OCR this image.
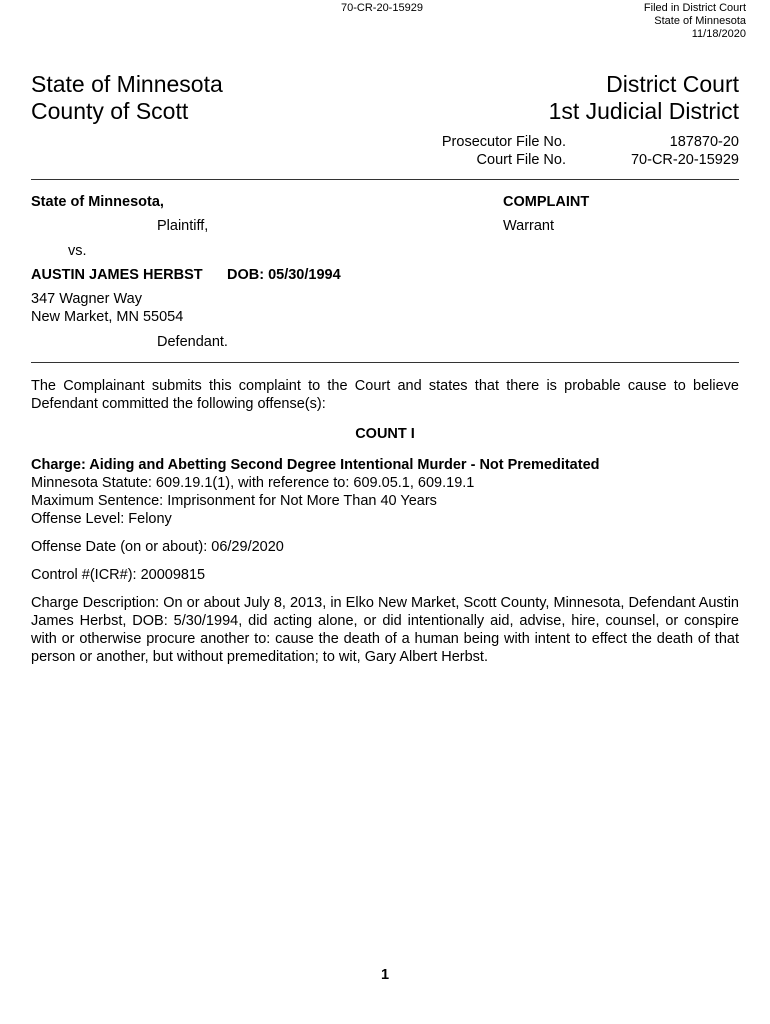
70-CR-20-15929	Filed in District Court
State of Minnesota
11/18/2020
State of Minnesota
County of Scott
District Court
1st Judicial District
Prosecutor File No.	187870-20
Court File No.	70-CR-20-15929
State of Minnesota,
Plaintiff,
vs.
AUSTIN JAMES HERBST DOB: 05/30/1994
347 Wagner Way
New Market, MN 55054
Defendant.
COMPLAINT
Warrant
The Complainant submits this complaint to the Court and states that there is probable cause to believe Defendant committed the following offense(s):
COUNT I
Charge: Aiding and Abetting Second Degree Intentional Murder - Not Premeditated
Minnesota Statute: 609.19.1(1), with reference to: 609.05.1, 609.19.1
Maximum Sentence: Imprisonment for Not More Than 40 Years
Offense Level: Felony
Offense Date (on or about): 06/29/2020
Control #(ICR#): 20009815
Charge Description: On or about July 8, 2013, in Elko New Market, Scott County, Minnesota, Defendant Austin James Herbst, DOB: 5/30/1994, did acting alone, or did intentionally aid, advise, hire, counsel, or conspire with or otherwise procure another to: cause the death of a human being with intent to effect the death of that person or another, but without premeditation; to wit, Gary Albert Herbst.
1
